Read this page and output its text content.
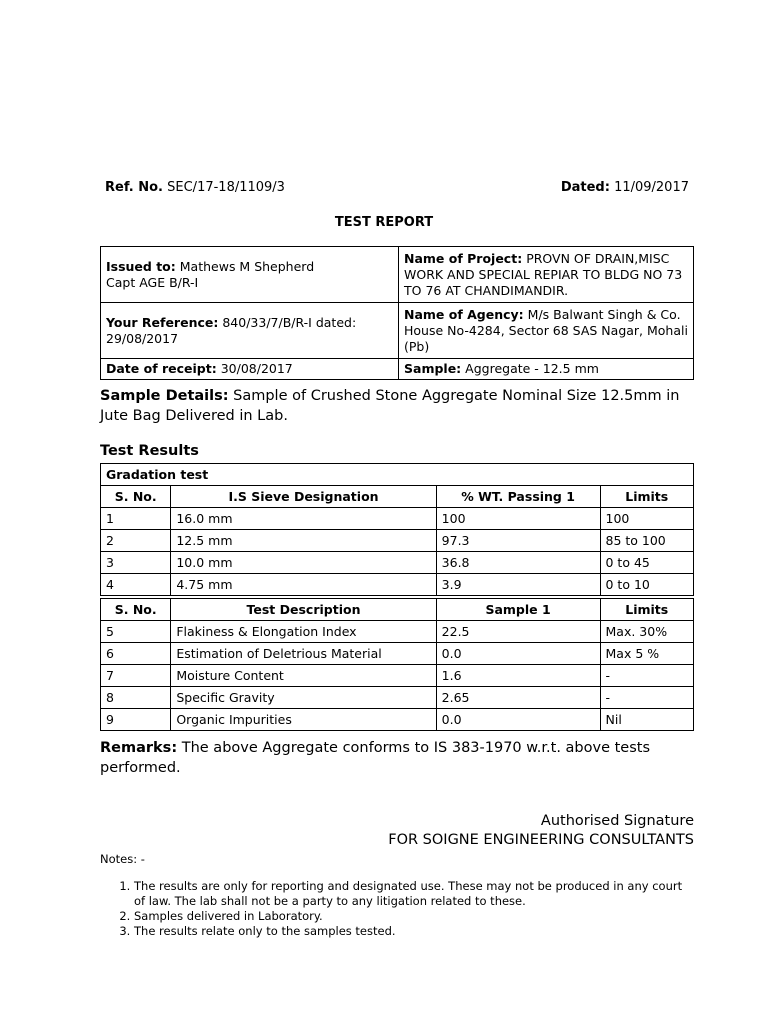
Ref. No. SEC/17-18/1109/3	Dated: 11/09/2017
TEST REPORT
Issued to: Mathews M Shepherd
Capt AGE B/R-I	Name of Project: PROVN OF DRAIN,MISC WORK AND SPECIAL REPIAR TO BLDG NO 73 TO 76 AT CHANDIMANDIR.
Your Reference: 840/33/7/B/R-I dated: 29/08/2017	Name of Agency: M/s Balwant Singh & Co. House No-4284, Sector 68 SAS Nagar, Mohali (Pb)
Date of receipt: 30/08/2017	Sample: Aggregate - 12.5 mm
Sample Details: Sample of Crushed Stone Aggregate Nominal Size 12.5mm in Jute Bag Delivered in Lab.
Test Results
Gradation test			
S. No.	I.S Sieve Designation	% WT. Passing 1	Limits
1	16.0 mm	100	100
2	12.5 mm	97.3	85 to 100
3	10.0 mm	36.8	0 to 45
4	4.75 mm	3.9	0 to 10

S. No.	Test Description	Sample 1	Limits
5	Flakiness & Elongation Index	22.5	Max. 30%
6	Estimation of Deletrious Material	0.0	Max 5 %
7	Moisture Content	1.6	-
8	Specific Gravity	2.65	-
9	Organic Impurities	0.0	Nil
Remarks: The above Aggregate conforms to IS 383-1970 w.r.t. above tests performed.
Authorised Signature
FOR SOIGNE ENGINEERING CONSULTANTS
Notes: -
1. The results are only for reporting and designated use. These may not be produced in any court of law. The lab shall not be a party to any litigation related to these.
2. Samples delivered in Laboratory.
3. The results relate only to the samples tested.
